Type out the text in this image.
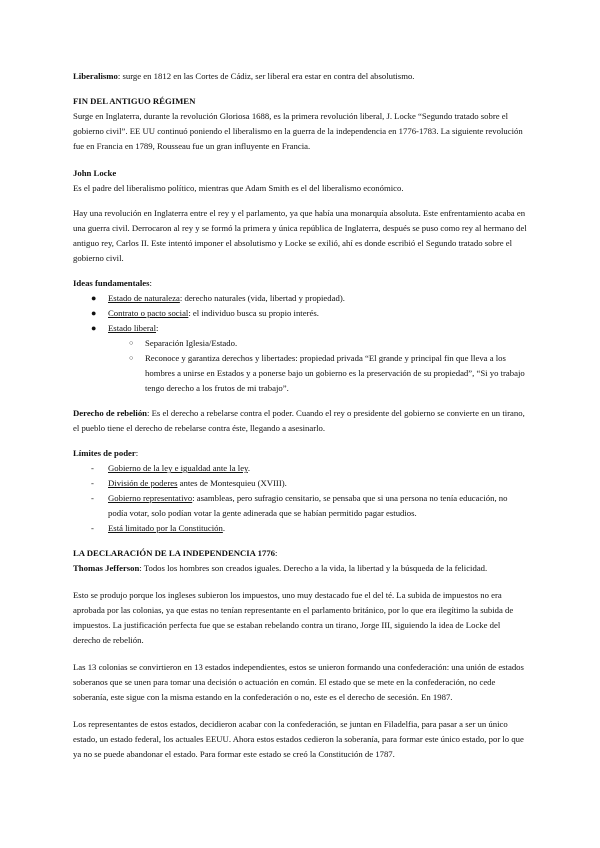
Liberalismo: surge en 1812 en las Cortes de Cádiz, ser liberal era estar en contra del absolutismo.

FIN DEL ANTIGUO RÉGIMEN

Surge en Inglaterra, durante la revolución Gloriosa 1688, es la primera revolución liberal, J. Locke “Segundo tratado sobre el gobierno civil”. EE UU continuó poniendo el liberalismo en la guerra de la independencia en 1776-1783. La siguiente revolución fue en Francia en 1789, Rousseau fue un gran influyente en Francia.

John Locke

Es el padre del liberalismo político, mientras que Adam Smith es el del liberalismo económico.

Hay una revolución en Inglaterra entre el rey y el parlamento, ya que había una monarquía absoluta. Este enfrentamiento acaba en una guerra civil. Derrocaron al rey y se formó la primera y única república de Inglaterra, después se puso como rey al hermano del antiguo rey, Carlos II. Este intentó imponer el absolutismo y Locke se exilió, ahí es donde escribió el Segundo tratado sobre el gobierno civil.

Ideas fundamentales:

● Estado de naturaleza: derecho naturales (vida, libertad y propiedad).
● Contrato o pacto social: el individuo busca su propio interés.
● Estado liberal:
○ Separación Iglesia/Estado.
○ Reconoce y garantiza derechos y libertades: propiedad privada “El grande y principal fin que lleva a los hombres a unirse en Estados y a ponerse bajo un gobierno es la preservación de su propiedad”, “Si yo trabajo tengo derecho a los frutos de mi trabajo”.

Derecho de rebelión: Es el derecho a rebelarse contra el poder. Cuando el rey o presidente del gobierno se convierte en un tirano, el pueblo tiene el derecho de rebelarse contra éste, llegando a asesinarlo.

Límites de poder:

- Gobierno de la ley e igualdad ante la ley.
- División de poderes antes de Montesquieu (XVIII).
- Gobierno representativo: asambleas, pero sufragio censitario, se pensaba que si una persona no tenía educación, no podía votar, solo podían votar la gente adinerada que se habían permitido pagar estudios.
- Está limitado por la Constitución.

LA DECLARACIÓN DE LA INDEPENDENCIA 1776:

Thomas Jefferson: Todos los hombres son creados iguales. Derecho a la vida, la libertad y la búsqueda de la felicidad.

Esto se produjo porque los ingleses subieron los impuestos, uno muy destacado fue el del té. La subida de impuestos no era aprobada por las colonias, ya que estas no tenían representante en el parlamento británico, por lo que era ilegítimo la subida de impuestos. La justificación perfecta fue que se estaban rebelando contra un tirano, Jorge III, siguiendo la idea de Locke del derecho de rebelión.

Las 13 colonias se convirtieron en 13 estados independientes, estos se unieron formando una confederación: una unión de estados soberanos que se unen para tomar una decisión o actuación en común. El estado que se mete en la confederación, no cede soberanía, este sigue con la misma estando en la confederación o no, este es el derecho de secesión. En 1987.

Los representantes de estos estados, decidieron acabar con la confederación, se juntan en Filadelfia, para pasar a ser un único estado, un estado federal, los actuales EEUU. Ahora estos estados cedieron la soberanía, para formar este único estado, por lo que ya no se puede abandonar el estado. Para formar este estado se creó la Constitución de 1787.
